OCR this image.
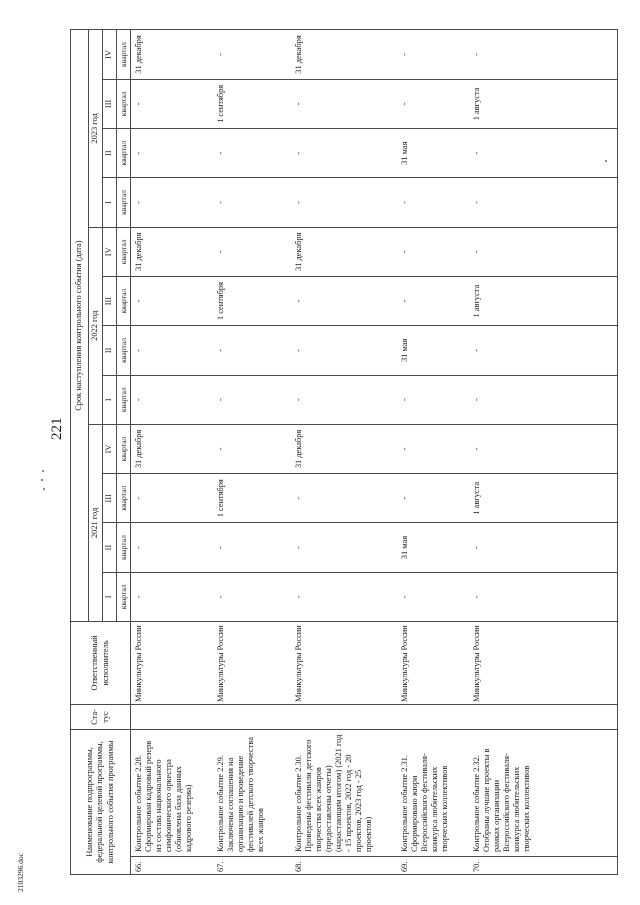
221
2103296.doc
Наименование подпрограммы, федеральной целевой программы, контрольного события программы		Ста-тус	Ответственный исполнитель	Срок наступления контрольного события (дата)											
				2021 год				2022 год				2023 год			
				I	II	III	IV	I	II	III	IV	I	II	III	IV
				квартал	квартал	квартал	квартал	квартал	квартал	квартал	квартал	квартал	квартал	квартал	квартал
66.	Контрольное событие 2.28. Сформирован кадровый резерв из состава национального симфонического оркестра (обновлена база данных кадрового резерва)		Минкультуры России	-	-	-	31 декабря	-	-	-	31 декабря	-	-	-	31 декабря
67.	Контрольное событие 2.29. Заключены соглашения на организацию и проведение фестивалей детского творчества всех жанров		Минкультуры России	-	-	1 сентября	-	-	-	1 сентября	-	-	-	1 сентября	-
68.	Контрольное событие 2.30. Проведены фестивали детского творчества всех жанров (предоставлены отчеты) (нарастающим итогом) (2021 год - 15 проектов, 2022 год - 20 проектов, 2023 год - 25 проектов)		Минкультуры России	-	-	-	31 декабря	-	-	-	31 декабря	-	-	-	31 декабря
69.	Контрольное событие 2.31. Сформировано жюри Всероссийского фестиваля-конкурса любительских творческих коллективов		Минкультуры России	-	31 мая	-	-	-	31 мая	-	-	-	31 мая	-	-
70.	Контрольное событие 2.32. Отобраны лучшие проекты в рамках организации Всероссийского фестиваля-конкурса любительских творческих коллективов		Минкультуры России	-	-	1 августа	-	-	-	1 августа	-	-	-	1 августа	-
